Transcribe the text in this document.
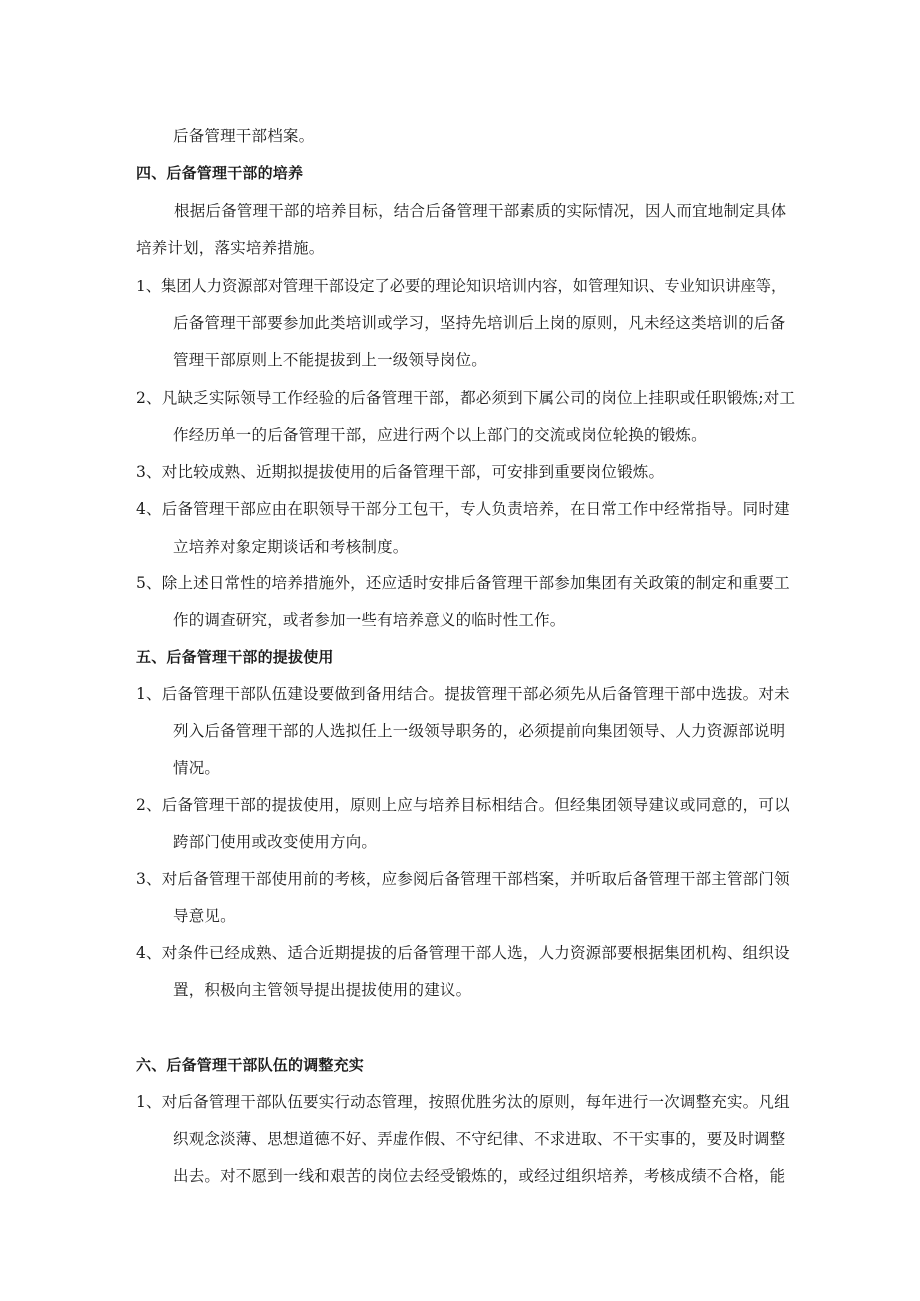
后备管理干部档案。
四、后备管理干部的培养
根据后备管理干部的培养目标，结合后备管理干部素质的实际情况，因人而宜地制定具体
培养计划，落实培养措施。
1、集团人力资源部对管理干部设定了必要的理论知识培训内容，如管理知识、专业知识讲座等，
后备管理干部要参加此类培训或学习，坚持先培训后上岗的原则，凡未经这类培训的后备
管理干部原则上不能提拔到上一级领导岗位。
2、凡缺乏实际领导工作经验的后备管理干部，都必须到下属公司的岗位上挂职或任职锻炼;对工
作经历单一的后备管理干部，应进行两个以上部门的交流或岗位轮换的锻炼。
3、对比较成熟、近期拟提拔使用的后备管理干部，可安排到重要岗位锻炼。
4、后备管理干部应由在职领导干部分工包干，专人负责培养，在日常工作中经常指导。同时建
立培养对象定期谈话和考核制度。
5、除上述日常性的培养措施外，还应适时安排后备管理干部参加集团有关政策的制定和重要工
作的调查研究，或者参加一些有培养意义的临时性工作。
五、后备管理干部的提拔使用
1、后备管理干部队伍建设要做到备用结合。提拔管理干部必须先从后备管理干部中选拔。对未
列入后备管理干部的人选拟任上一级领导职务的，必须提前向集团领导、人力资源部说明
情况。
2、后备管理干部的提拔使用，原则上应与培养目标相结合。但经集团领导建议或同意的，可以
跨部门使用或改变使用方向。
3、对后备管理干部使用前的考核，应参阅后备管理干部档案，并听取后备管理干部主管部门领
导意见。
4、对条件已经成熟、适合近期提拔的后备管理干部人选，人力资源部要根据集团机构、组织设
置，积极向主管领导提出提拔使用的建议。
六、后备管理干部队伍的调整充实
1、对后备管理干部队伍要实行动态管理，按照优胜劣汰的原则，每年进行一次调整充实。凡组
织观念淡薄、思想道德不好、弄虚作假、不守纪律、不求进取、不干实事的，要及时调整
出去。对不愿到一线和艰苦的岗位去经受锻炼的，或经过组织培养，考核成绩不合格，能
